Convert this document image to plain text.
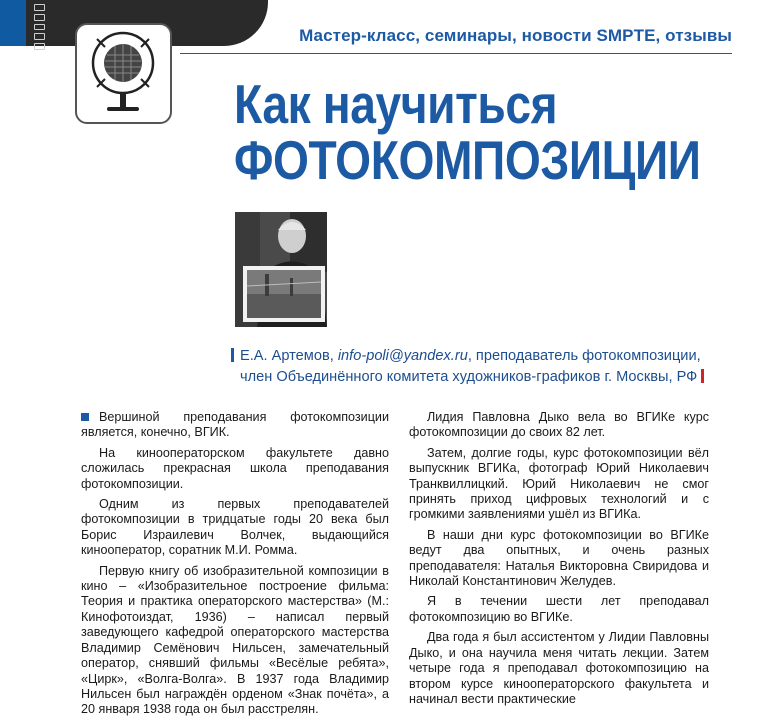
Мастер-класс, семинары, новости SMPTE, отзывы
Как научиться
ФОТОКОМПОЗИЦИИ
Е.А. Артемов, info-poli@yandex.ru, преподаватель фотокомпозиции,
член Объединённого комитета художников-графиков г. Москвы, РФ

Вершиной преподавания фотокомпозиции является, конечно, ВГИК.

На кинооператорском факультете давно сложилась прекрасная школа преподавания фотокомпозиции.

Одним из первых преподавателей фотокомпозиции в тридцатые годы 20 века был Борис Израилевич Волчек, выдающийся кинооператор, соратник М.И. Ромма.

Первую книгу об изобразительной композиции в кино – «Изобразительное построение фильма: Теория и практика операторского мастерства» (М.: Кинофотоиздат, 1936) – написал первый заведующего кафедрой операторского мастерства Владимир Семёнович Нильсен, замечательный оператор, снявший фильмы «Весёлые ребята», «Цирк», «Волга-Волга». В 1937 года Владимир Нильсен был награждён орденом «Знак почёта», а 20 января 1938 года он был расстрелян.

Лидия Павловна Дыко вела во ВГИКе курс фотокомпозиции до своих 82 лет.

Затем, долгие годы, курс фотокомпозиции вёл выпускник ВГИКа, фотограф Юрий Николаевич Транквиллицкий. Юрий Николаевич не смог принять приход цифровых технологий и с громкими заявлениями ушёл из ВГИКа.

В наши дни курс фотокомпозиции во ВГИКе ведут два опытных, и очень разных преподавателя: Наталья Викторовна Свиридова и Николай Константинович Желудев.

Я в течении шести лет преподавал фотокомпозицию во ВГИКе.

Два года я был ассистентом у Лидии Павловны Дыко, и она научила меня читать лекции. Затем четыре года я преподавал фотокомпозицию на втором курсе кинооператорского факультета и начинал вести практические
